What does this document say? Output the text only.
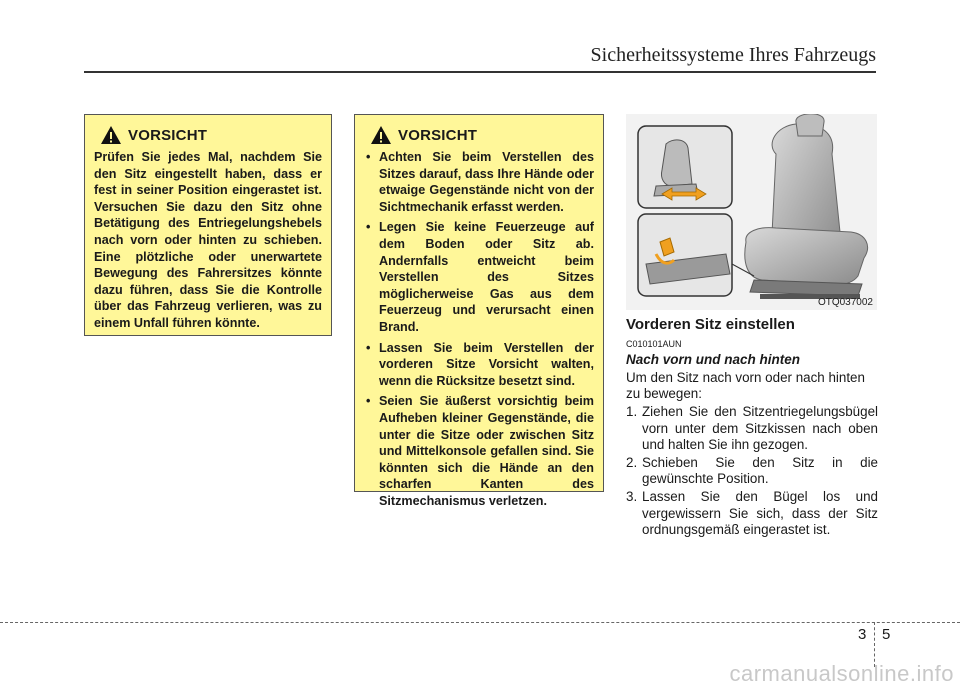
Sicherheitssysteme Ihres Fahrzeugs
VORSICHT
Prüfen Sie jedes Mal, nachdem Sie den Sitz eingestellt haben, dass er fest in seiner Position eingerastet ist. Versuchen Sie dazu den Sitz ohne Betätigung des Entriegelungshebels nach vorn oder hinten zu schieben. Eine plötzliche oder unerwartete Bewegung des Fahrersitzes könnte dazu führen, dass Sie die Kontrolle über das Fahrzeug verlieren, was zu einem Unfall führen könnte.
VORSICHT
• Achten Sie beim Verstellen des Sitzes darauf, dass Ihre Hände oder etwaige Gegenstände nicht von der Sichtmechanik erfasst werden.
• Legen Sie keine Feuerzeuge auf dem Boden oder Sitz ab. Andernfalls entweicht beim Verstellen des Sitzes möglicherweise Gas aus dem Feuerzeug und verursacht einen Brand.
• Lassen Sie beim Verstellen der vorderen Sitze Vorsicht walten, wenn die Rücksitze besetzt sind.
• Seien Sie äußerst vorsichtig beim Aufheben kleiner Gegenstände, die unter die Sitze oder zwischen Sitz und Mittelkonsole gefallen sind. Sie könnten sich die Hände an den scharfen Kanten des Sitzmechanismus verletzen.
OTQ037002
Vorderen Sitz einstellen
C010101AUN
Nach vorn und nach hinten

Um den Sitz nach vorn oder nach hinten zu bewegen:

1. Ziehen Sie den Sitzentriegelungsbügel vorn unter dem Sitzkissen nach oben und halten Sie ihn gezogen.
2. Schieben Sie den Sitz in die gewünschte Position.
3. Lassen Sie den Bügel los und vergewissern Sie sich, dass der Sitz ordnungsgemäß eingerastet ist.
3 5
carmanualsonline.info
